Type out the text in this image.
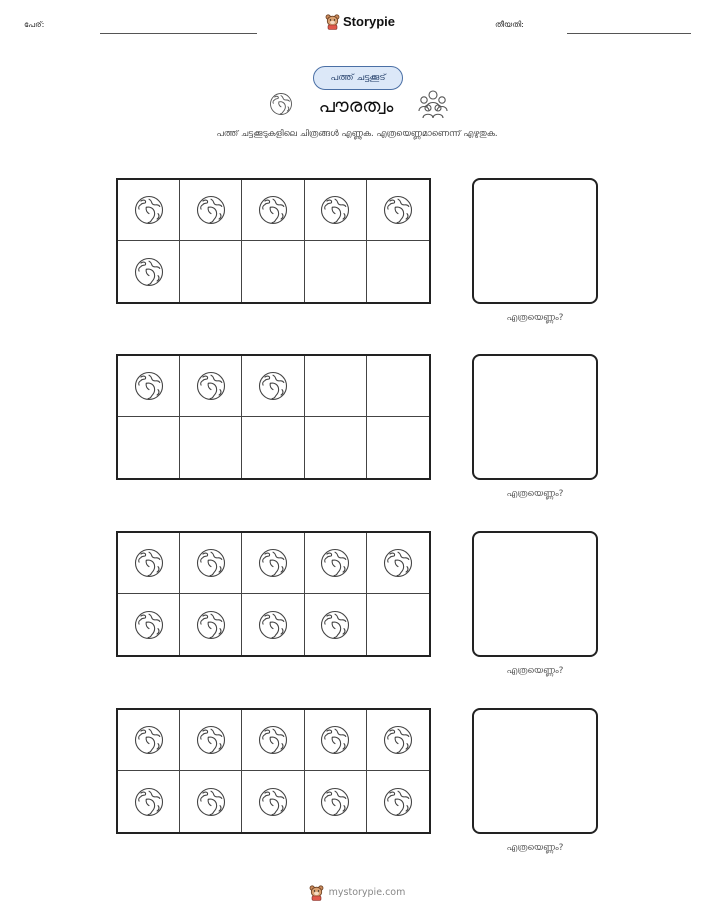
പേര്:	Storypie	തീയതി:
പത്ത് ചട്ടക്കൂട്
പൗരത്വം
പത്ത് ചട്ടക്കൂടുകളിലെ ചിത്രങ്ങൾ എണ്ണുക. എത്രയെണ്ണമാണെന്ന് എഴുതുക.
എത്രയെണ്ണം?
എത്രയെണ്ണം?
എത്രയെണ്ണം?
എത്രയെണ്ണം?
mystorypie.com
